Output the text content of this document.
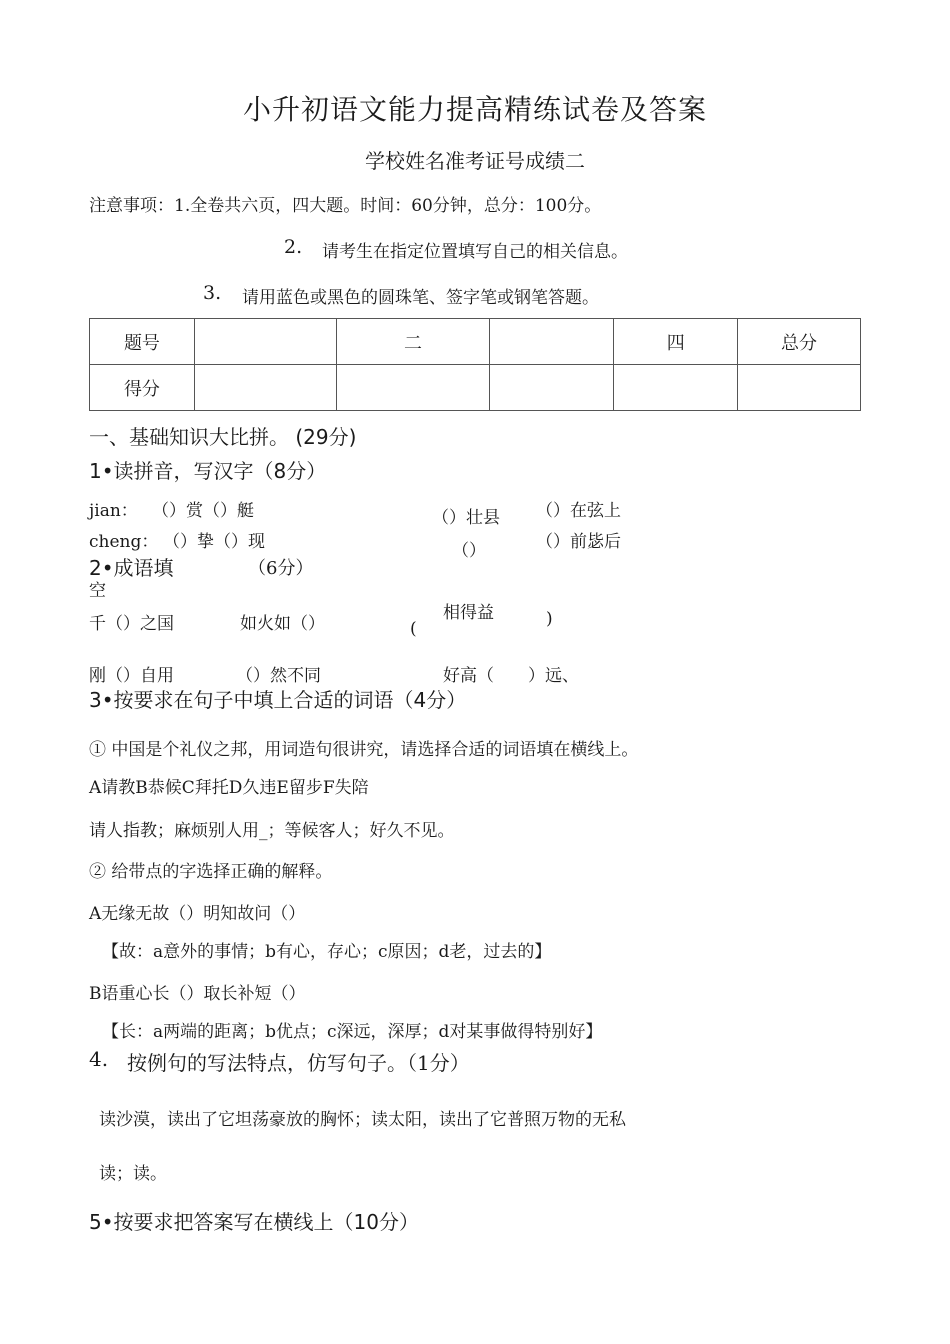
小升初语文能力提高精练试卷及答案
学校姓名准考证号成绩二
注意事项：1.全卷共六页，四大题。时间：60分钟，总分：100分。
2. 请考生在指定位置填写自己的相关信息。
3. 请用蓝色或黑色的圆珠笔、签字笔或钢笔答题。
题号		二		四	总分
得分					
一、基础知识大比拼。 (29分)
1•读拼音，写汉字（8分）
jian： （）赏（）艇	（）壮县 （）在弦上
cheng： （）挚（）现	（）	（）前毖后
2•成语填
空
（6分）
千（）之国	如火如（）
相得益
(	)
刚（）自用	（）然不同	好高（　　）远、
3•按要求在句子中填上合适的词语（4分）
① 中国是个礼仪之邦，用词造句很讲究，请选择合适的词语填在横线上。
A请教B恭候C拜托D久违E留步F失陪
请人指教；麻烦别人用_；等候客人；好久不见。
② 给带点的字选择正确的解释。
A无缘无故（）明知故问（）
【故：a意外的事情；b有心，存心；c原因；d老，过去的】
B语重心长（）取长补短（）
【长：a两端的距离；b优点；c深远，深厚；d对某事做得特别好】
4. 按例句的写法特点，仿写句子。（1分）
读沙漠，读出了它坦荡豪放的胸怀；读太阳，读出了它普照万物的无私
读；读。
5•按要求把答案写在横线上（10分）
